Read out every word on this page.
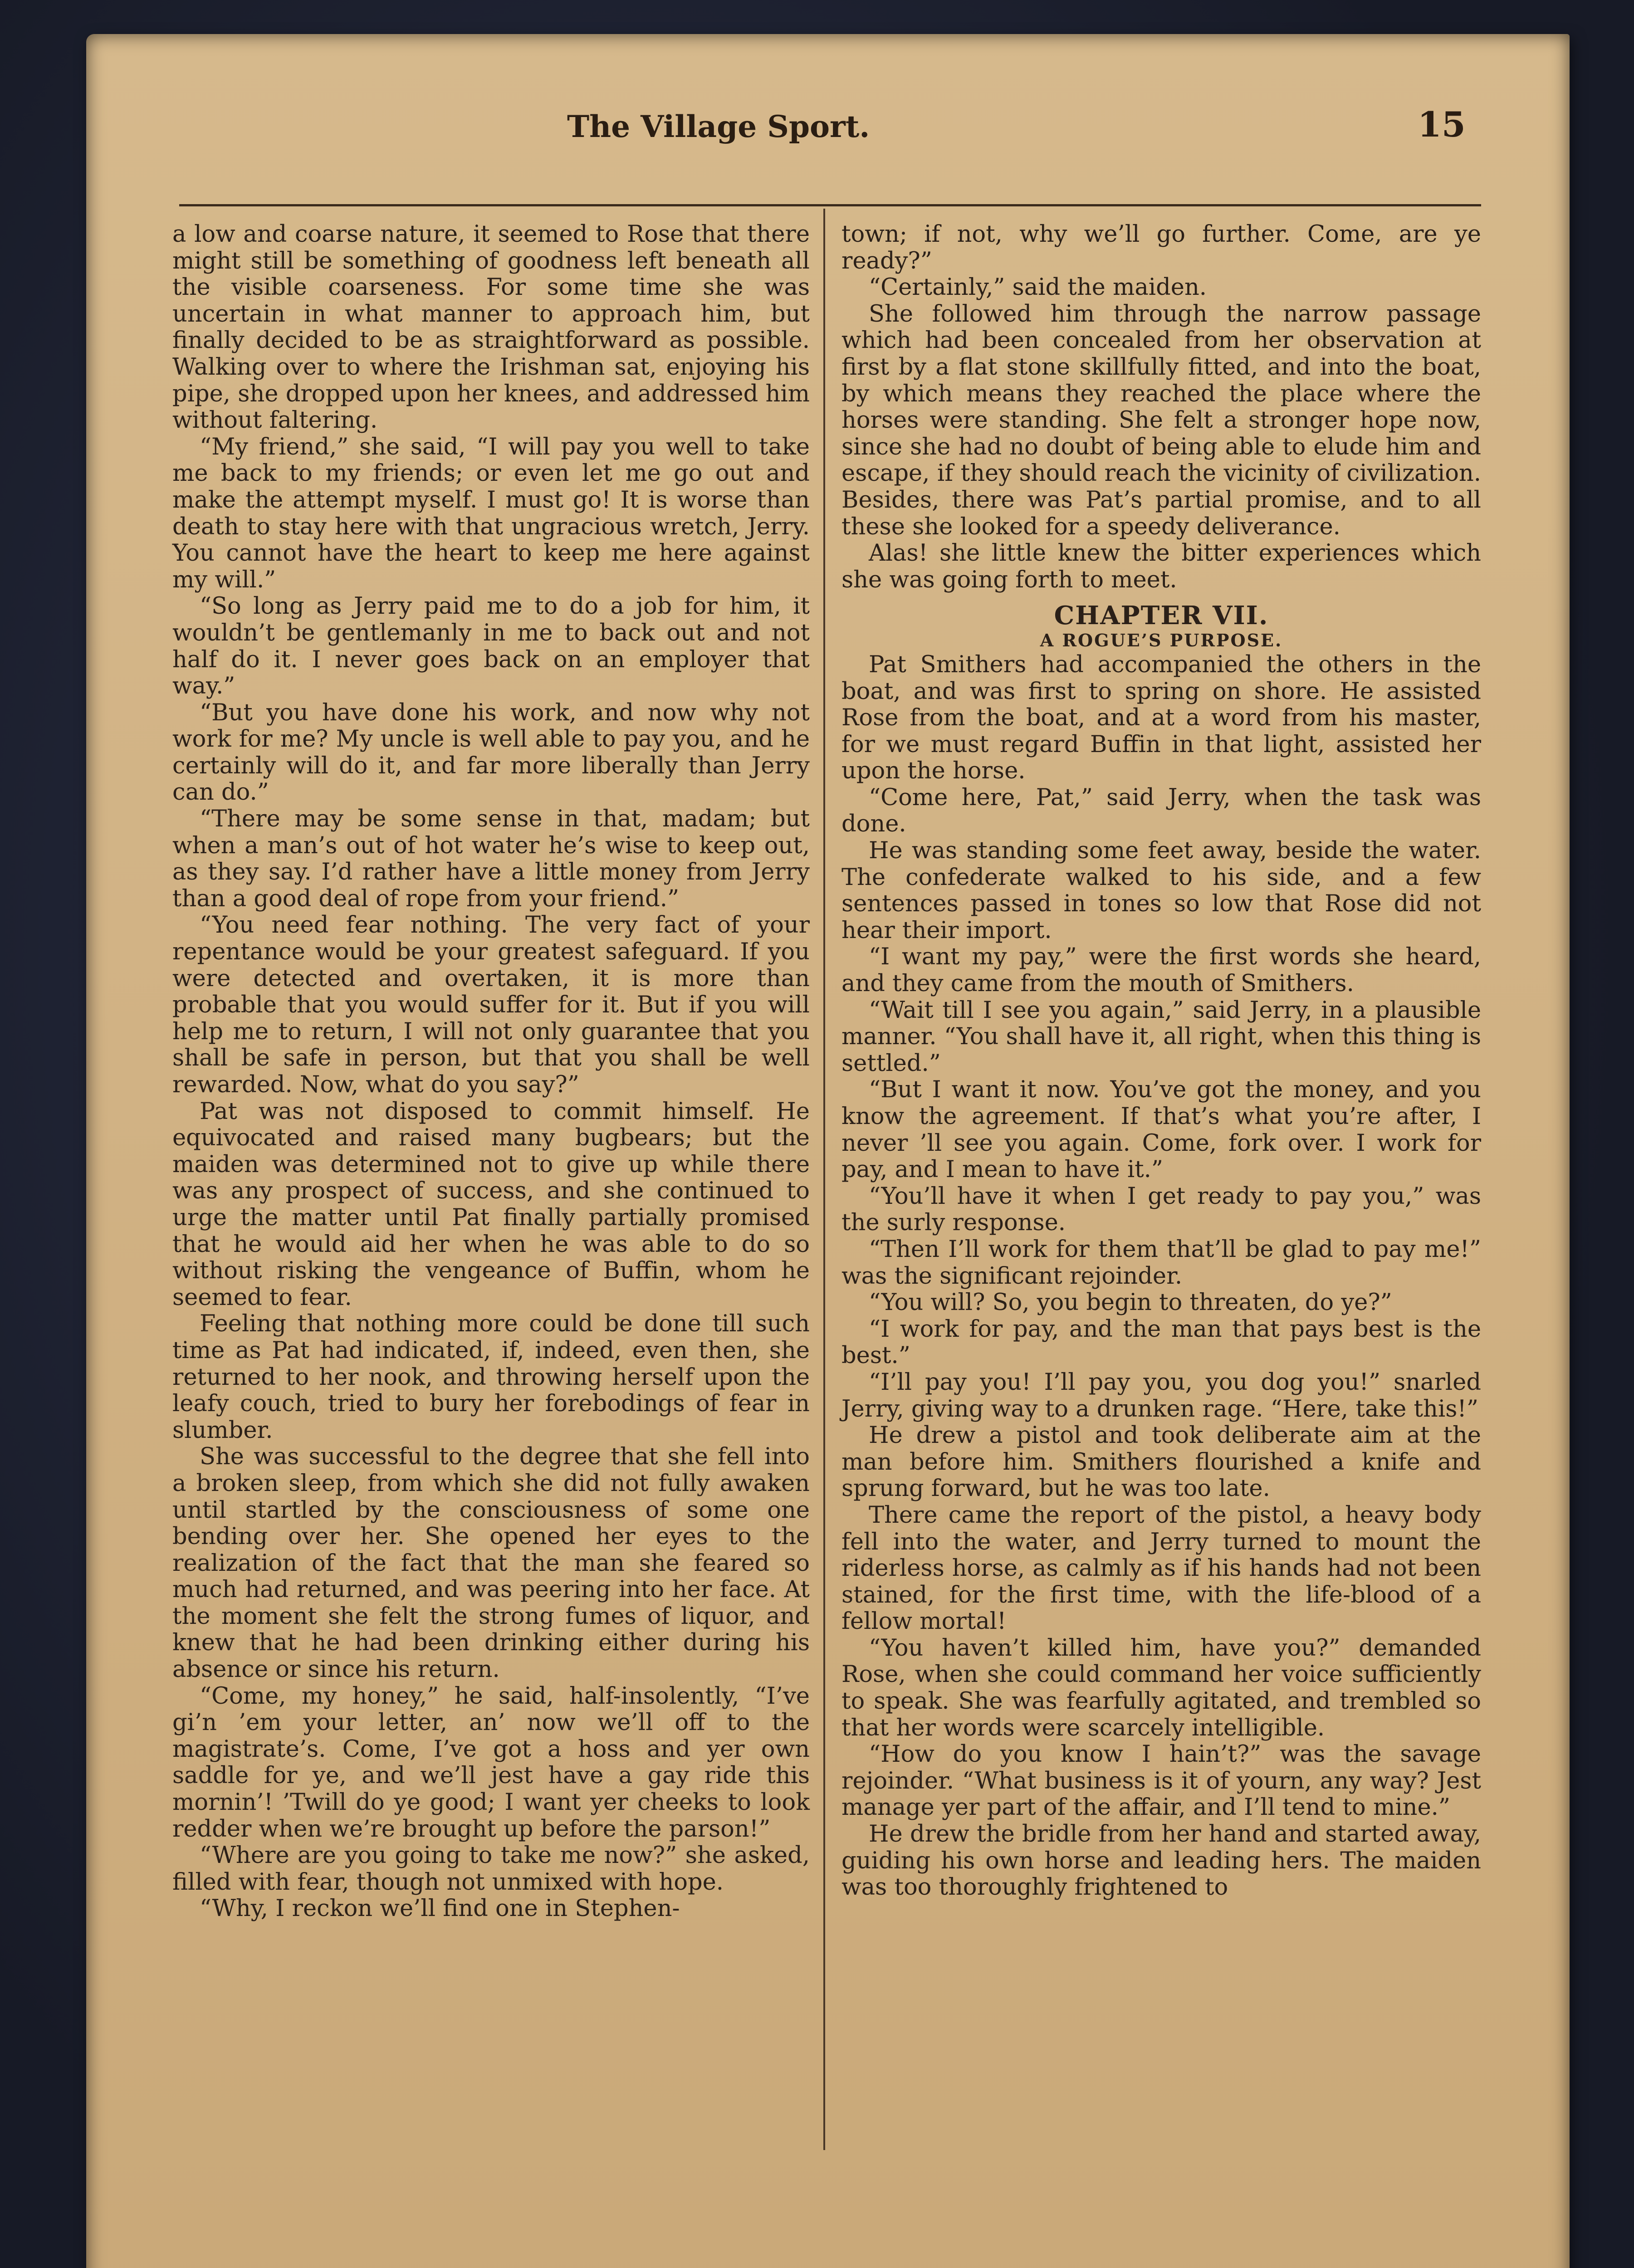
The Village Sport.	15

a low and coarse nature, it seemed to Rose that there might still be something of goodness left beneath all the visible coarseness. For some time she was uncertain in what manner to approach him, but finally decided to be as straightforward as possible. Walking over to where the Irishman sat, enjoying his pipe, she dropped upon her knees, and addressed him without faltering.

“My friend,” she said, “I will pay you well to take me back to my friends; or even let me go out and make the attempt myself. I must go! It is worse than death to stay here with that ungracious wretch, Jerry. You cannot have the heart to keep me here against my will.”

“So long as Jerry paid me to do a job for him, it wouldn’t be gentlemanly in me to back out and not half do it. I never goes back on an employer that way.”

“But you have done his work, and now why not work for me? My uncle is well able to pay you, and he certainly will do it, and far more liberally than Jerry can do.”

“There may be some sense in that, madam; but when a man’s out of hot water he’s wise to keep out, as they say. I’d rather have a little money from Jerry than a good deal of rope from your friend.”

“You need fear nothing. The very fact of your repentance would be your greatest safeguard. If you were detected and overtaken, it is more than probable that you would suffer for it. But if you will help me to return, I will not only guarantee that you shall be safe in person, but that you shall be well rewarded. Now, what do you say?”

Pat was not disposed to commit himself. He equivocated and raised many bugbears; but the maiden was determined not to give up while there was any prospect of success, and she continued to urge the matter until Pat finally partially promised that he would aid her when he was able to do so without risking the vengeance of Buffin, whom he seemed to fear.

Feeling that nothing more could be done till such time as Pat had indicated, if, indeed, even then, she returned to her nook, and throwing herself upon the leafy couch, tried to bury her forebodings of fear in slumber.

She was successful to the degree that she fell into a broken sleep, from which she did not fully awaken until startled by the consciousness of some one bending over her. She opened her eyes to the realization of the fact that the man she feared so much had returned, and was peering into her face. At the moment she felt the strong fumes of liquor, and knew that he had been drinking either during his absence or since his return.

“Come, my honey,” he said, half-insolently, “I’ve gi’n ’em your letter, an’ now we’ll off to the magistrate’s. Come, I’ve got a hoss and yer own saddle for ye, and we’ll jest have a gay ride this mornin’! ’Twill do ye good; I want yer cheeks to look redder when we’re brought up before the parson!”

“Where are you going to take me now?” she asked, filled with fear, though not unmixed with hope.

“Why, I reckon we’ll find one in Stephen-

town; if not, why we’ll go further. Come, are ye ready?”

“Certainly,” said the maiden.

She followed him through the narrow passage which had been concealed from her observation at first by a flat stone skillfully fitted, and into the boat, by which means they reached the place where the horses were standing. She felt a stronger hope now, since she had no doubt of being able to elude him and escape, if they should reach the vicinity of civilization. Besides, there was Pat’s partial promise, and to all these she looked for a speedy deliverance.

Alas! she little knew the bitter experiences which she was going forth to meet.

CHAPTER VII.
A ROGUE’S PURPOSE.

Pat Smithers had accompanied the others in the boat, and was first to spring on shore. He assisted Rose from the boat, and at a word from his master, for we must regard Buffin in that light, assisted her upon the horse.

“Come here, Pat,” said Jerry, when the task was done.

He was standing some feet away, beside the water. The confederate walked to his side, and a few sentences passed in tones so low that Rose did not hear their import.

“I want my pay,” were the first words she heard, and they came from the mouth of Smithers.

“Wait till I see you again,” said Jerry, in a plausible manner. “You shall have it, all right, when this thing is settled.”

“But I want it now. You’ve got the money, and you know the agreement. If that’s what you’re after, I never ’ll see you again. Come, fork over. I work for pay, and I mean to have it.”

“You’ll have it when I get ready to pay you,” was the surly response.

“Then I’ll work for them that’ll be glad to pay me!” was the significant rejoinder.

“You will? So, you begin to threaten, do ye?”

“I work for pay, and the man that pays best is the best.”

“I’ll pay you! I’ll pay you, you dog you!” snarled Jerry, giving way to a drunken rage. “Here, take this!”

He drew a pistol and took deliberate aim at the man before him. Smithers flourished a knife and sprung forward, but he was too late.

There came the report of the pistol, a heavy body fell into the water, and Jerry turned to mount the riderless horse, as calmly as if his hands had not been stained, for the first time, with the life-blood of a fellow mortal!

“You haven’t killed him, have you?” demanded Rose, when she could command her voice sufficiently to speak. She was fearfully agitated, and trembled so that her words were scarcely intelligible.

“How do you know I hain’t?” was the savage rejoinder. “What business is it of yourn, any way? Jest manage yer part of the affair, and I’ll tend to mine.”

He drew the bridle from her hand and started away, guiding his own horse and leading hers. The maiden was too thoroughly frightened to
